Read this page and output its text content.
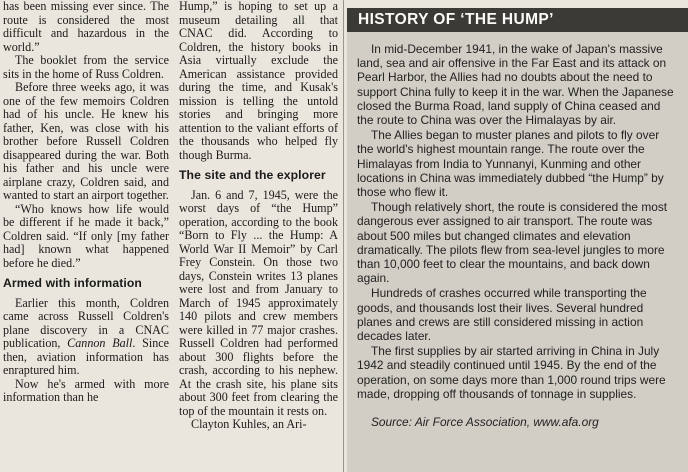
has been missing ever since. The route is considered the most difficult and hazardous in the world.”

The booklet from the service sits in the home of Russ Coldren.

Before three weeks ago, it was one of the few memoirs Coldren had of his uncle. He knew his father, Ken, was close with his brother before Russell Coldren disappeared during the war. Both his father and his uncle were airplane crazy, Coldren said, and wanted to start an airport together.

“Who knows how life would be different if he made it back,” Coldren said. “If only [my father had] known what happened before he died.”

Armed with information

Earlier this month, Coldren came across Russell Coldren's plane discovery in a CNAC publication, Cannon Ball. Since then, aviation information has enraptured him.

Now he's armed with more information than he

Hump,” is hoping to set up a museum detailing all that CNAC did. According to Coldren, the history books in Asia virtually exclude the American assistance provided during the time, and Kusak's mission is telling the untold stories and bringing more attention to the valiant efforts of the thousands who helped fly though Burma.

The site and the explorer

Jan. 6 and 7, 1945, were the worst days of “the Hump” operation, according to the book “Born to Fly ... the Hump: A World War II Memoir” by Carl Frey Constein. On those two days, Constein writes 13 planes were lost and from January to March of 1945 approximately 140 pilots and crew members were killed in 77 major crashes. Russell Coldren had performed about 300 flights before the crash, according to his nephew. At the crash site, his plane sits about 300 feet from clearing the top of the mountain it rests on.

Clayton Kuhles, an Ari-

HISTORY OF ‘THE HUMP’

In mid-December 1941, in the wake of Japan's massive land, sea and air offensive in the Far East and its attack on Pearl Harbor, the Allies had no doubts about the need to support China fully to keep it in the war. When the Japanese closed the Burma Road, land supply of China ceased and the route to China was over the Himalayas by air.

The Allies began to muster planes and pilots to fly over the world's highest mountain range. The route over the Himalayas from India to Yunnanyi, Kunming and other locations in China was immediately dubbed “the Hump” by those who flew it.

Though relatively short, the route is considered the most dangerous ever assigned to air transport. The route was about 500 miles but changed climates and elevation dramatically. The pilots flew from sea-level jungles to more than 10,000 feet to clear the mountains, and back down again.

Hundreds of crashes occurred while transporting the goods, and thousands lost their lives. Several hundred planes and crews are still considered missing in action decades later.

The first supplies by air started arriving in China in July 1942 and steadily continued until 1945. By the end of the operation, on some days more than 1,000 round trips were made, dropping off thousands of tonnage in supplies.

Source: Air Force Association, www.afa.org
